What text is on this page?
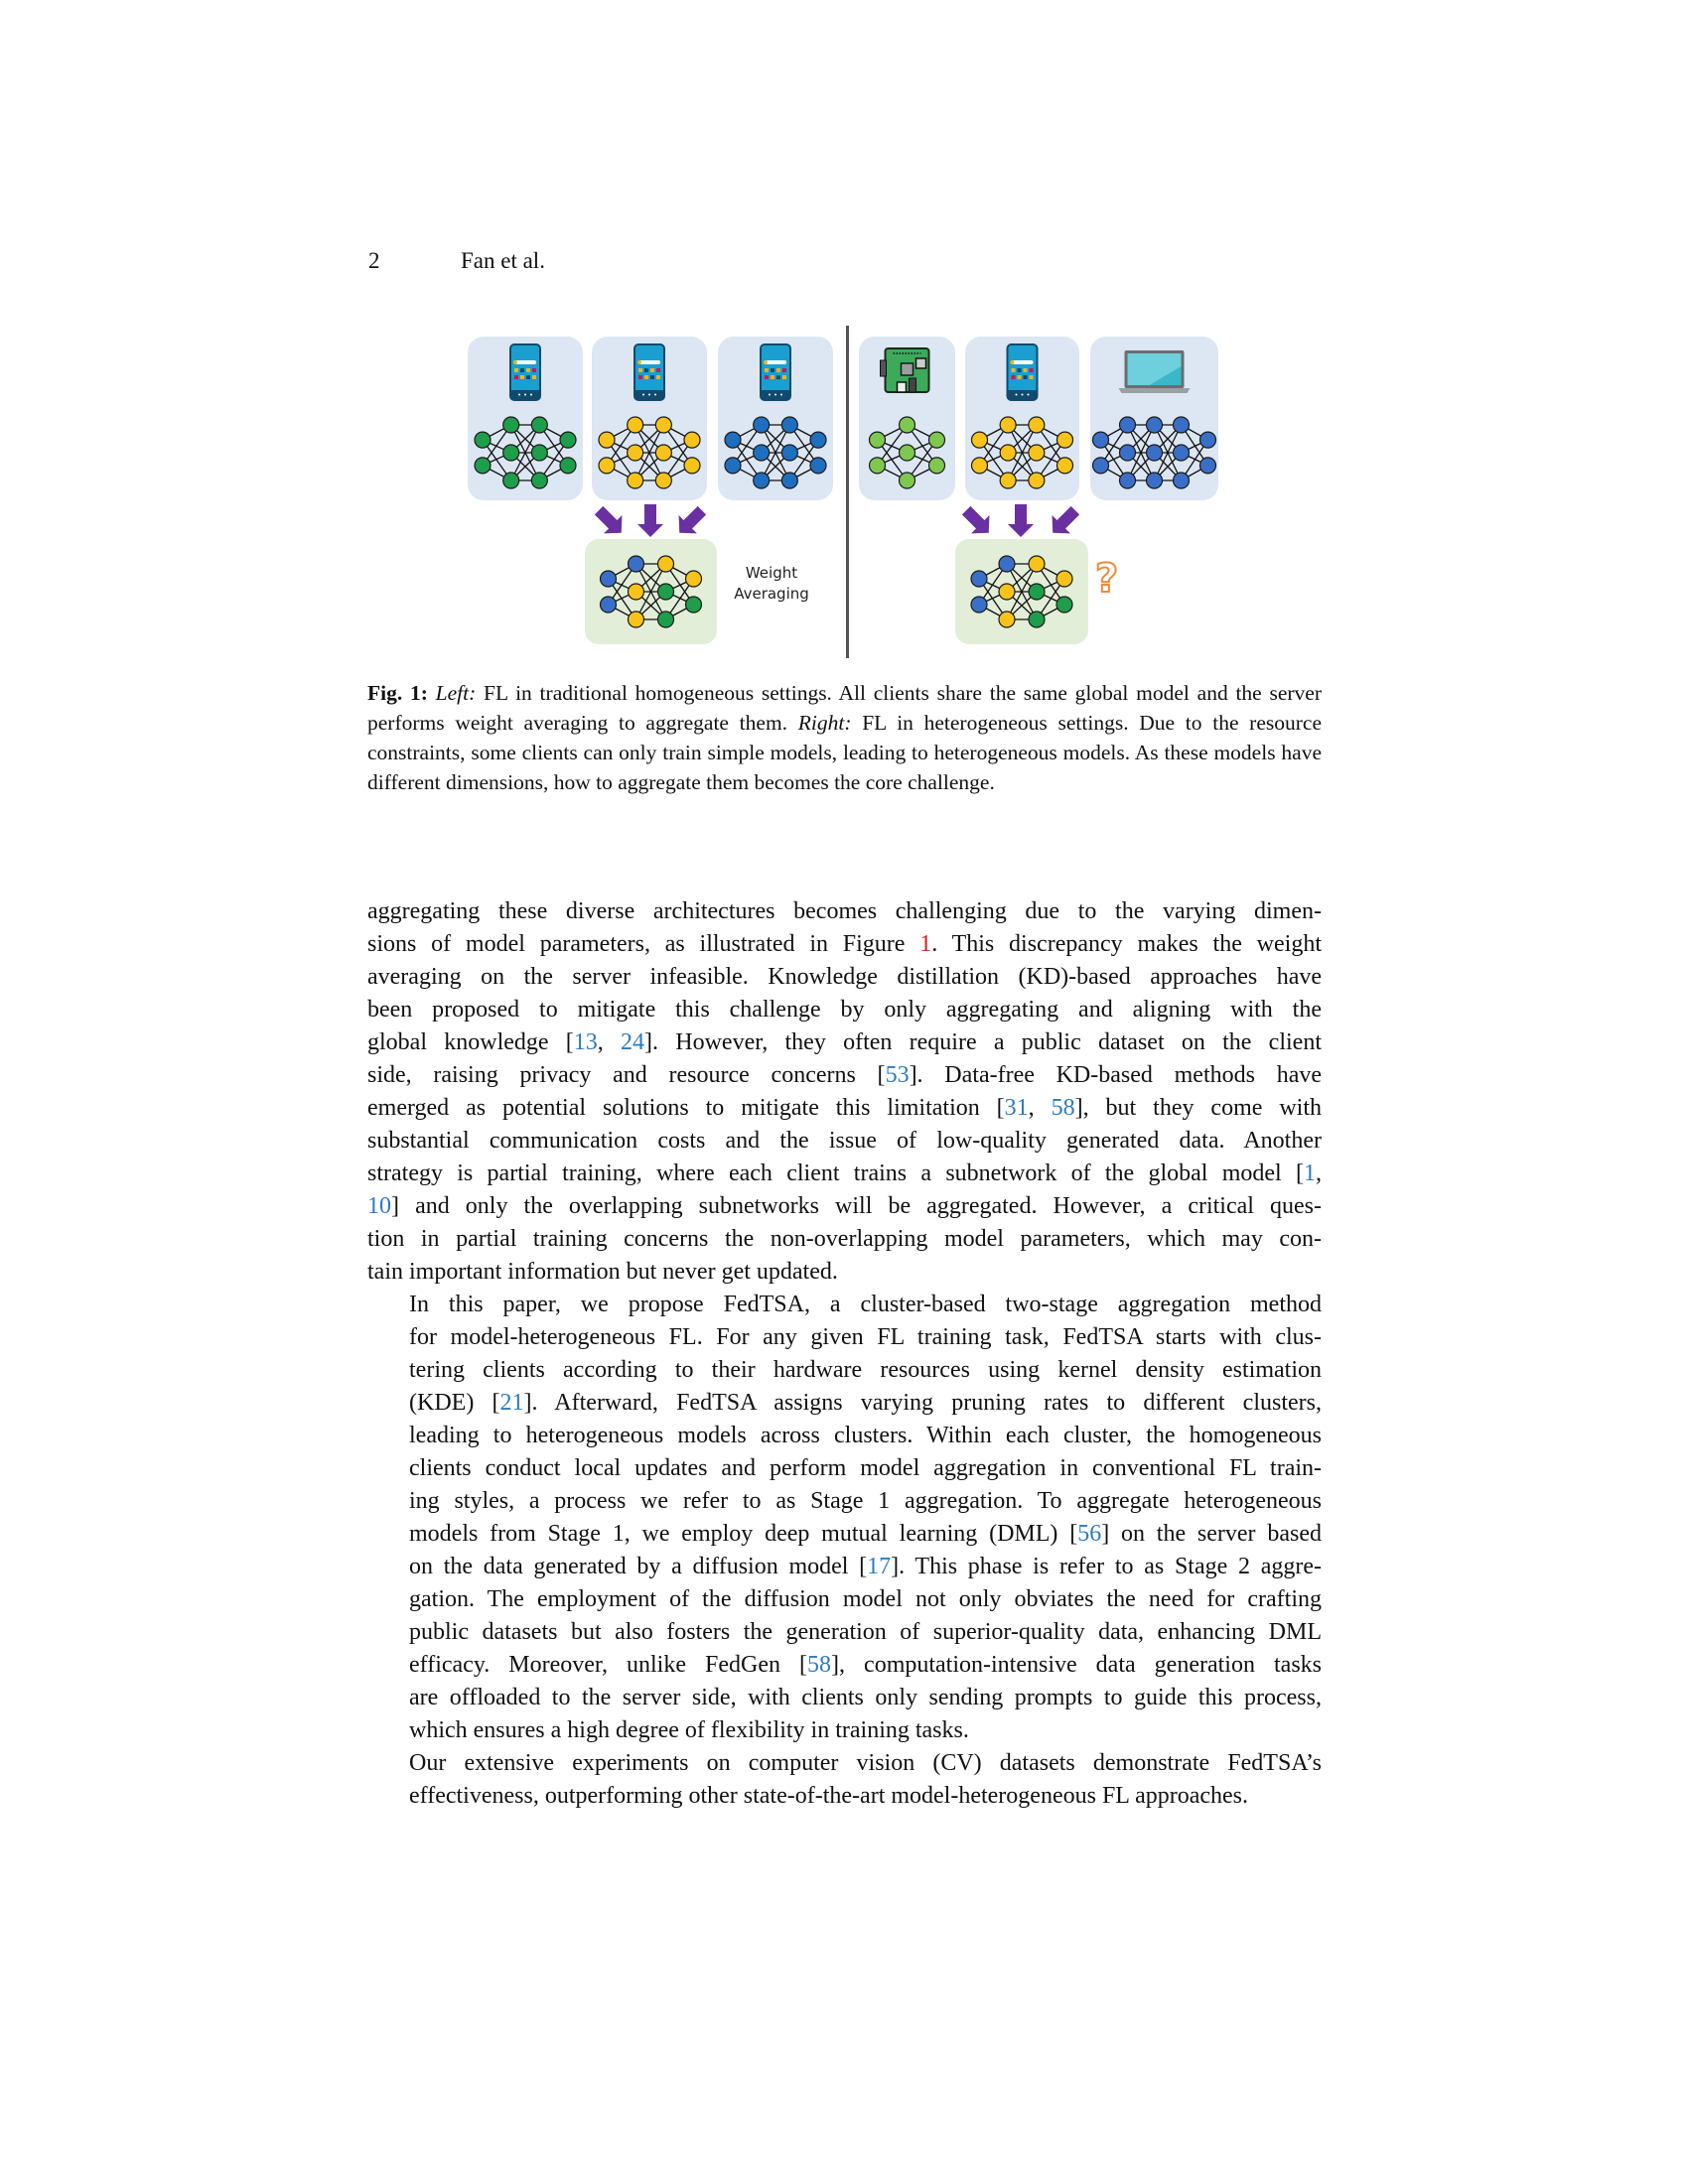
2	Fan et al.
Weight
Averaging	?
Fig. 1: Left: FL in traditional homogeneous settings. All clients share the same global model and the server performs weight averaging to aggregate them. Right: FL in heterogeneous settings. Due to the resource constraints, some clients can only train simple models, leading to heterogeneous models. As these models have different dimensions, how to aggregate them becomes the core challenge.

aggregating these diverse architectures becomes challenging due to the varying dimen-
sions of model parameters, as illustrated in Figure 1. This discrepancy makes the weight
averaging on the server infeasible. Knowledge distillation (KD)-based approaches have
been proposed to mitigate this challenge by only aggregating and aligning with the
global knowledge [13, 24]. However, they often require a public dataset on the client
side, raising privacy and resource concerns [53]. Data-free KD-based methods have
emerged as potential solutions to mitigate this limitation [31, 58], but they come with
substantial communication costs and the issue of low-quality generated data. Another
strategy is partial training, where each client trains a subnetwork of the global model [1,
10] and only the overlapping subnetworks will be aggregated. However, a critical ques-
tion in partial training concerns the non-overlapping model parameters, which may con-
tain important information but never get updated.

In this paper, we propose FedTSA, a cluster-based two-stage aggregation method
for model-heterogeneous FL. For any given FL training task, FedTSA starts with clus-
tering clients according to their hardware resources using kernel density estimation
(KDE) [21]. Afterward, FedTSA assigns varying pruning rates to different clusters,
leading to heterogeneous models across clusters. Within each cluster, the homogeneous
clients conduct local updates and perform model aggregation in conventional FL train-
ing styles, a process we refer to as Stage 1 aggregation. To aggregate heterogeneous
models from Stage 1, we employ deep mutual learning (DML) [56] on the server based
on the data generated by a diffusion model [17]. This phase is refer to as Stage 2 aggre-
gation. The employment of the diffusion model not only obviates the need for crafting
public datasets but also fosters the generation of superior-quality data, enhancing DML
efficacy. Moreover, unlike FedGen [58], computation-intensive data generation tasks
are offloaded to the server side, with clients only sending prompts to guide this process,
which ensures a high degree of flexibility in training tasks.

Our extensive experiments on computer vision (CV) datasets demonstrate FedTSA’s
effectiveness, outperforming other state-of-the-art model-heterogeneous FL approaches.
